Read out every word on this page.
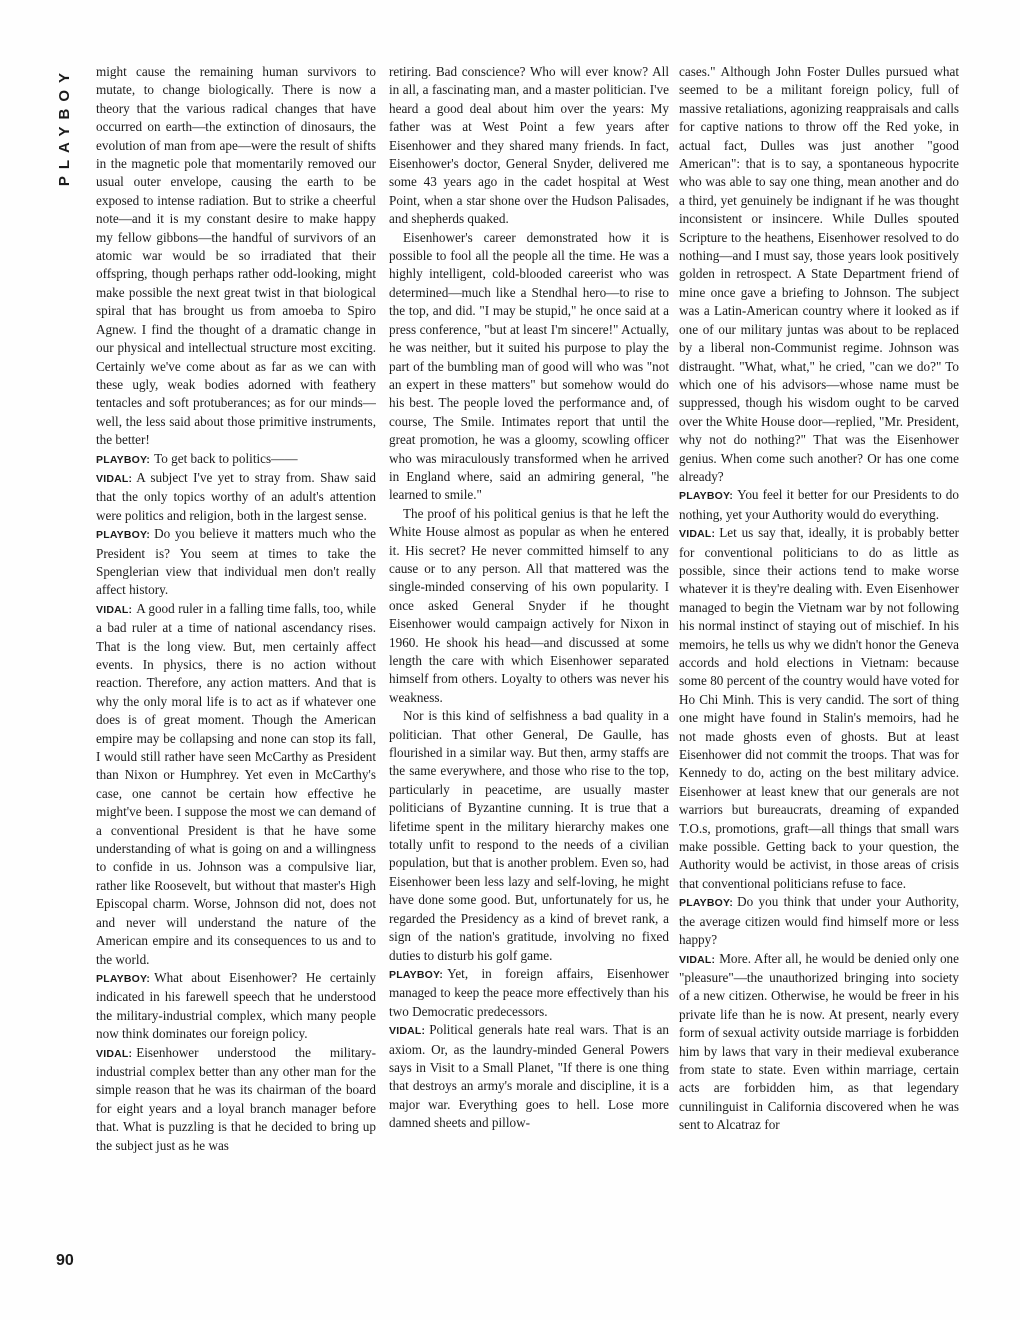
PLAYBOY
90

might cause the remaining human survivors to mutate, to change biologically. There is now a theory that the various radical changes that have occurred on earth—the extinction of dinosaurs, the evolution of man from ape—were the result of shifts in the magnetic pole that momentarily removed our usual outer envelope, causing the earth to be exposed to intense radiation. But to strike a cheerful note—and it is my constant desire to make happy my fellow gibbons—the handful of survivors of an atomic war would be so irradiated that their offspring, though perhaps rather odd-looking, might make possible the next great twist in that biological spiral that has brought us from amoeba to Spiro Agnew. I find the thought of a dramatic change in our physical and intellectual structure most exciting. Certainly we've come about as far as we can with these ugly, weak bodies adorned with feathery tentacles and soft protuberances; as for our minds—well, the less said about those primitive instruments, the better!

PLAYBOY: To get back to politics——

VIDAL: A subject I've yet to stray from. Shaw said that the only topics worthy of an adult's attention were politics and religion, both in the largest sense.

PLAYBOY: Do you believe it matters much who the President is? You seem at times to take the Spenglerian view that individual men don't really affect history.

VIDAL: A good ruler in a falling time falls, too, while a bad ruler at a time of national ascendancy rises. That is the long view. But, men certainly affect events. In physics, there is no action without reaction. Therefore, any action matters. And that is why the only moral life is to act as if whatever one does is of great moment. Though the American empire may be collapsing and none can stop its fall, I would still rather have seen McCarthy as President than Nixon or Humphrey. Yet even in McCarthy's case, one cannot be certain how effective he might've been. I suppose the most we can demand of a conventional President is that he have some understanding of what is going on and a willingness to confide in us. Johnson was a compulsive liar, rather like Roosevelt, but without that master's High Episcopal charm. Worse, Johnson did not, does not and never will understand the nature of the American empire and its consequences to us and to the world.

PLAYBOY: What about Eisenhower? He certainly indicated in his farewell speech that he understood the military-industrial complex, which many people now think dominates our foreign policy.

VIDAL: Eisenhower understood the military-industrial complex better than any other man for the simple reason that he was its chairman of the board for eight years and a loyal branch manager before that. What is puzzling is that he decided to bring up the subject just as he was

retiring. Bad conscience? Who will ever know? All in all, a fascinating man, and a master politician. I've heard a good deal about him over the years: My father was at West Point a few years after Eisenhower and they shared many friends. In fact, Eisenhower's doctor, General Snyder, delivered me some 43 years ago in the cadet hospital at West Point, when a star shone over the Hudson Palisades, and shepherds quaked.

Eisenhower's career demonstrated how it is possible to fool all the people all the time. He was a highly intelligent, cold-blooded careerist who was determined—much like a Stendhal hero—to rise to the top, and did. "I may be stupid," he once said at a press conference, "but at least I'm sincere!" Actually, he was neither, but it suited his purpose to play the part of the bumbling man of good will who was "not an expert in these matters" but somehow would do his best. The people loved the performance and, of course, The Smile. Intimates report that until the great promotion, he was a gloomy, scowling officer who was miraculously transformed when he arrived in England where, said an admiring general, "he learned to smile."

The proof of his political genius is that he left the White House almost as popular as when he entered it. His secret? He never committed himself to any cause or to any person. All that mattered was the single-minded conserving of his own popularity. I once asked General Snyder if he thought Eisenhower would campaign actively for Nixon in 1960. He shook his head—and discussed at some length the care with which Eisenhower separated himself from others. Loyalty to others was never his weakness.

Nor is this kind of selfishness a bad quality in a politician. That other General, De Gaulle, has flourished in a similar way. But then, army staffs are the same everywhere, and those who rise to the top, particularly in peacetime, are usually master politicians of Byzantine cunning. It is true that a lifetime spent in the military hierarchy makes one totally unfit to respond to the needs of a civilian population, but that is another problem. Even so, had Eisenhower been less lazy and self-loving, he might have done some good. But, unfortunately for us, he regarded the Presidency as a kind of brevet rank, a sign of the nation's gratitude, involving no fixed duties to disturb his golf game.

PLAYBOY: Yet, in foreign affairs, Eisenhower managed to keep the peace more effectively than his two Democratic predecessors.

VIDAL: Political generals hate real wars. That is an axiom. Or, as the laundry-minded General Powers says in Visit to a Small Planet, "If there is one thing that destroys an army's morale and discipline, it is a major war. Everything goes to hell. Lose more damned sheets and pillow-

cases." Although John Foster Dulles pursued what seemed to be a militant foreign policy, full of massive retaliations, agonizing reappraisals and calls for captive nations to throw off the Red yoke, in actual fact, Dulles was just another "good American": that is to say, a spontaneous hypocrite who was able to say one thing, mean another and do a third, yet genuinely be indignant if he was thought inconsistent or insincere. While Dulles spouted Scripture to the heathens, Eisenhower resolved to do nothing—and I must say, those years look positively golden in retrospect. A State Department friend of mine once gave a briefing to Johnson. The subject was a Latin-American country where it looked as if one of our military juntas was about to be replaced by a liberal non-Communist regime. Johnson was distraught. "What, what," he cried, "can we do?" To which one of his advisors—whose name must be suppressed, though his wisdom ought to be carved over the White House door—replied, "Mr. President, why not do nothing?" That was the Eisenhower genius. When come such another? Or has one come already?

PLAYBOY: You feel it better for our Presidents to do nothing, yet your Authority would do everything.

VIDAL: Let us say that, ideally, it is probably better for conventional politicians to do as little as possible, since their actions tend to make worse whatever it is they're dealing with. Even Eisenhower managed to begin the Vietnam war by not following his normal instinct of staying out of mischief. In his memoirs, he tells us why we didn't honor the Geneva accords and hold elections in Vietnam: because some 80 percent of the country would have voted for Ho Chi Minh. This is very candid. The sort of thing one might have found in Stalin's memoirs, had he not made ghosts even of ghosts. But at least Eisenhower did not commit the troops. That was for Kennedy to do, acting on the best military advice. Eisenhower at least knew that our generals are not warriors but bureaucrats, dreaming of expanded T.O.s, promotions, graft—all things that small wars make possible. Getting back to your question, the Authority would be activist, in those areas of crisis that conventional politicians refuse to face.

PLAYBOY: Do you think that under your Authority, the average citizen would find himself more or less happy?

VIDAL: More. After all, he would be denied only one "pleasure"—the unauthorized bringing into society of a new citizen. Otherwise, he would be freer in his private life than he is now. At present, nearly every form of sexual activity outside marriage is forbidden him by laws that vary in their medieval exuberance from state to state. Even within marriage, certain acts are forbidden him, as that legendary cunnilinguist in California discovered when he was sent to Alcatraz for
